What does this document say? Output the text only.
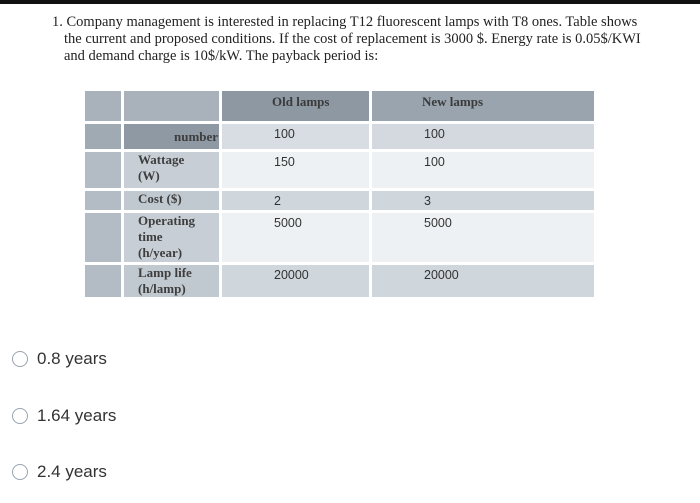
1. Company management is interested in replacing T12 fluorescent lamps with T8 ones. Table shows
the current and proposed conditions. If the cost of replacement is 3000 $. Energy rate is 0.05$/KWI
and demand charge is 10$/kW. The payback period is:
		Old lamps	New lamps

	number	100	100

	Wattage
(W)	150	100

	Cost ($)	2	3

	Operating
time
(h/year)	5000	5000

	Lamp life
(h/lamp)	20000	20000
0.8 years
1.64 years
2.4 years
